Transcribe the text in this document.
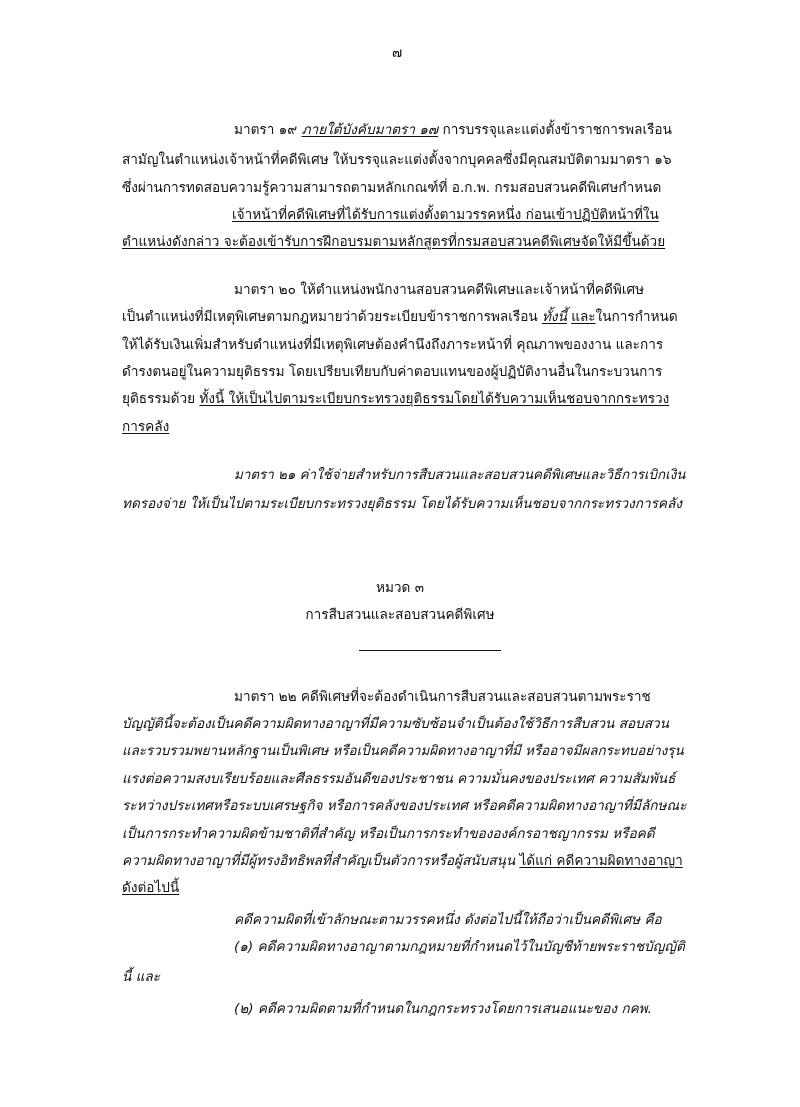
๗
มาตรา ๑๙ ภายใต้บังคับมาตรา ๑๗ การบรรจุและแต่งตั้งข้าราชการพลเรือน
สามัญในตำแหน่งเจ้าหน้าที่คดีพิเศษ ให้บรรจุและแต่งตั้งจากบุคคลซึ่งมีคุณสมบัติตามมาตรา ๑๖
ซึ่งผ่านการทดสอบความรู้ความสามารถตามหลักเกณฑ์ที่ อ.ก.พ. กรมสอบสวนคดีพิเศษกำหนด
เจ้าหน้าที่คดีพิเศษที่ได้รับการแต่งตั้งตามวรรคหนึ่ง ก่อนเข้าปฏิบัติหน้าที่ใน
ตำแหน่งดังกล่าว จะต้องเข้ารับการฝึกอบรมตามหลักสูตรที่กรมสอบสวนคดีพิเศษจัดให้มีขึ้นด้วย
มาตรา ๒๐ ให้ตำแหน่งพนักงานสอบสวนคดีพิเศษและเจ้าหน้าที่คดีพิเศษ
เป็นตำแหน่งที่มีเหตุพิเศษตามกฎหมายว่าด้วยระเบียบข้าราชการพลเรือน ทั้งนี้ และในการกำหนด
ให้ได้รับเงินเพิ่มสำหรับตำแหน่งที่มีเหตุพิเศษต้องคำนึงถึงภาระหน้าที่ คุณภาพของงาน และการ
ดำรงตนอยู่ในความยุติธรรม โดยเปรียบเทียบกับค่าตอบแทนของผู้ปฏิบัติงานอื่นในกระบวนการ
ยุติธรรมด้วย ทั้งนี้ ให้เป็นไปตามระเบียบกระทรวงยุติธรรมโดยได้รับความเห็นชอบจากกระทรวง
การคลัง
มาตรา ๒๑ ค่าใช้จ่ายสำหรับการสืบสวนและสอบสวนคดีพิเศษและวิธีการเบิกเงิน
ทดรองจ่าย ให้เป็นไปตามระเบียบกระทรวงยุติธรรม โดยได้รับความเห็นชอบจากกระทรวงการคลัง
หมวด ๓
การสืบสวนและสอบสวนคดีพิเศษ
มาตรา ๒๒ คดีพิเศษที่จะต้องดำเนินการสืบสวนและสอบสวนตามพระราช
บัญญัตินี้จะต้องเป็นคดีความผิดทางอาญาที่มีความซับซ้อนจำเป็นต้องใช้วิธีการสืบสวน สอบสวน
และรวบรวมพยานหลักฐานเป็นพิเศษ หรือเป็นคดีความผิดทางอาญาที่มี หรืออาจมีผลกระทบอย่างรุน
แรงต่อความสงบเรียบร้อยและศีลธรรมอันดีของประชาชน ความมั่นคงของประเทศ ความสัมพันธ์
ระหว่างประเทศหรือระบบเศรษฐกิจ หรือการคลังของประเทศ หรือคดีความผิดทางอาญาที่มีลักษณะ
เป็นการกระทำความผิดข้ามชาติที่สำคัญ หรือเป็นการกระทำขององค์กรอาชญากรรม หรือคดี
ความผิดทางอาญาที่มีผู้ทรงอิทธิพลที่สำคัญเป็นตัวการหรือผู้สนับสนุน ได้แก่ คดีความผิดทางอาญา
ดังต่อไปนี้
คดีความผิดที่เข้าลักษณะตามวรรคหนึ่ง ดังต่อไปนี้ให้ถือว่าเป็นคดีพิเศษ คือ
(๑) คดีความผิดทางอาญาตามกฎหมายที่กำหนดไว้ในบัญชีท้ายพระราชบัญญัติ
นี้ และ
(๒) คดีความผิดตามที่กำหนดในกฎกระทรวงโดยการเสนอแนะของ กคพ.
